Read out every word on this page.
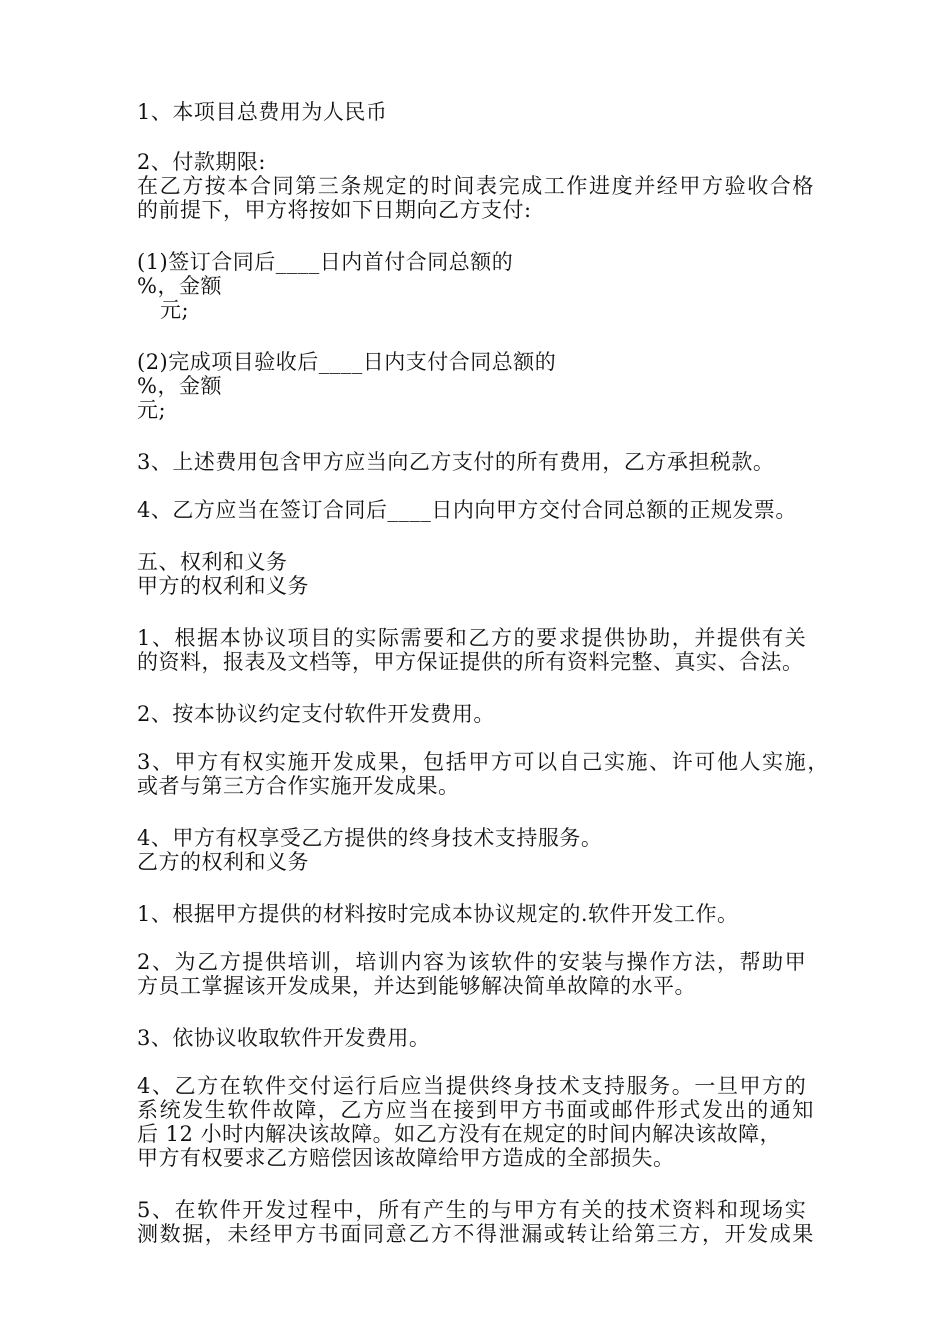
1、本项目总费用为人民币
2、付款期限:
在乙方按本合同第三条规定的时间表完成工作进度并经甲方验收合格
的前提下，甲方将按如下日期向乙方支付:
(1)签订合同后____日内首付合同总额的
%，金额
元;
(2)完成项目验收后____日内支付合同总额的
%，金额
元;
3、上述费用包含甲方应当向乙方支付的所有费用，乙方承担税款。
4、乙方应当在签订合同后____日内向甲方交付合同总额的正规发票。
五、权利和义务
甲方的权利和义务
1、根据本协议项目的实际需要和乙方的要求提供协助，并提供有关
的资料，报表及文档等，甲方保证提供的所有资料完整、真实、合法。
2、按本协议约定支付软件开发费用。
3、甲方有权实施开发成果，包括甲方可以自己实施、许可他人实施，
或者与第三方合作实施开发成果。
4、甲方有权享受乙方提供的终身技术支持服务。
乙方的权利和义务
1、根据甲方提供的材料按时完成本协议规定的.软件开发工作。
2、为乙方提供培训，培训内容为该软件的安装与操作方法，帮助甲
方员工掌握该开发成果，并达到能够解决简单故障的水平。
3、依协议收取软件开发费用。
4、乙方在软件交付运行后应当提供终身技术支持服务。一旦甲方的
系统发生软件故障，乙方应当在接到甲方书面或邮件形式发出的通知
后 12 小时内解决该故障。如乙方没有在规定的时间内解决该故障，
甲方有权要求乙方赔偿因该故障给甲方造成的全部损失。
5、在软件开发过程中，所有产生的与甲方有关的技术资料和现场实
测数据，未经甲方书面同意乙方不得泄漏或转让给第三方，开发成果
